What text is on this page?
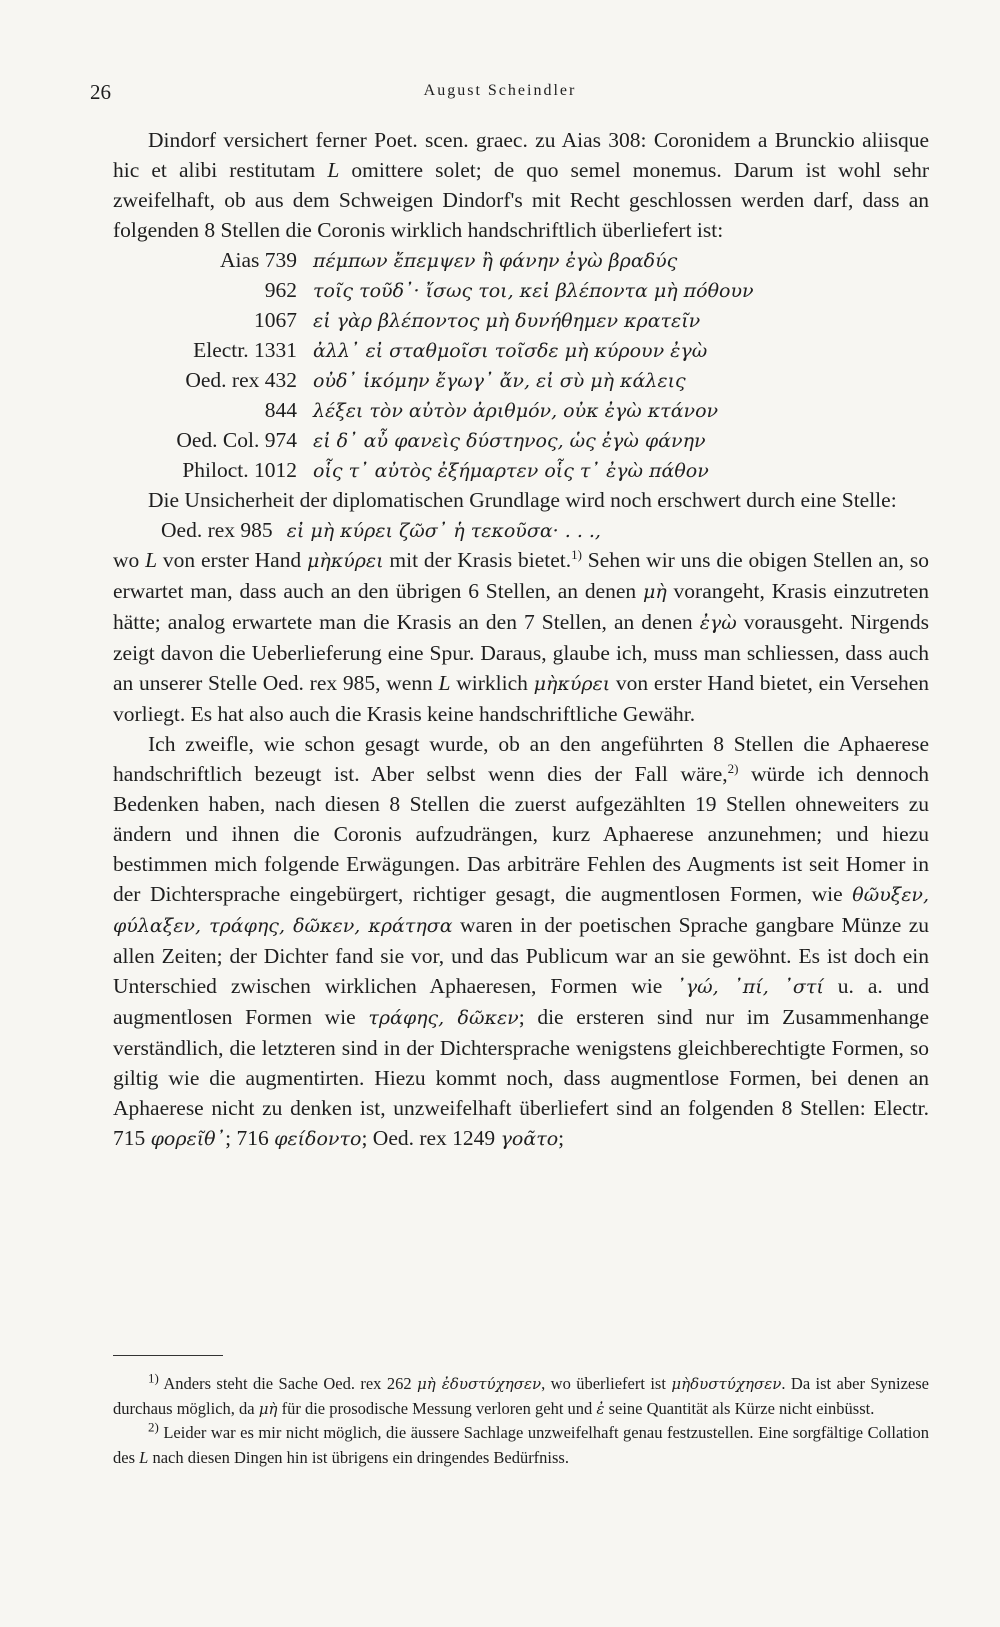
26	August Scheindler

Dindorf versichert ferner Poet. scen. graec. zu Aias 308: Coronidem a Brunckio aliisque hic et alibi restitutam L omittere solet; de quo semel monemus. Darum ist wohl sehr zweifelhaft, ob aus dem Schweigen Dindorf's mit Recht geschlossen werden darf, dass an folgenden 8 Stellen die Coronis wirklich handschriftlich überliefert ist:

Aias 739 πέμπων ἔπεμψεν ἢ φάνην ἐγὼ βραδύς
962 τοῖς τοῦδ᾽· ἴσως τοι, κεἰ βλέποντα μὴ πόθουν
1067 εἰ γὰρ βλέποντος μὴ δυνήθημεν κρατεῖν
Electr. 1331 ἀλλ᾽ εἰ σταθμοῖσι τοῖσδε μὴ κύρουν ἐγὼ
Oed. rex 432 οὐδ᾽ ἱκόμην ἔγωγ᾽ ἄν, εἰ σὺ μὴ κάλεις
844 λέξει τὸν αὐτὸν ἀριθμόν, οὐκ ἐγὼ κτάνον
Oed. Col. 974 εἰ δ᾽ αὖ φανεὶς δύστηνος, ὡς ἐγὼ φάνην
Philoct. 1012 οἷς τ᾽ αὐτὸς ἐξήμαρτεν οἷς τ᾽ ἐγὼ πάθον

Die Unsicherheit der diplomatischen Grundlage wird noch erschwert durch eine Stelle:

Oed. rex 985 εἰ μὴ κύρει ζῶσ᾽ ἡ τεκοῦσα· . . .,

wo L von erster Hand μὴκύρει mit der Krasis bietet.$^{1)}$ Sehen wir uns die obigen Stellen an, so erwartet man, dass auch an den übrigen 6 Stellen, an denen μὴ vorangeht, Krasis einzutreten hätte; analog erwartete man die Krasis an den 7 Stellen, an denen ἐγὼ vorausgeht. Nirgends zeigt davon die Ueberlieferung eine Spur. Daraus, glaube ich, muss man schliessen, dass auch an unserer Stelle Oed. rex 985, wenn L wirklich μὴκύρει von erster Hand bietet, ein Versehen vorliegt. Es hat also auch die Krasis keine handschriftliche Gewähr.

Ich zweifle, wie schon gesagt wurde, ob an den angeführten 8 Stellen die Aphaerese handschriftlich bezeugt ist. Aber selbst wenn dies der Fall wäre,$^{2)}$ würde ich dennoch Bedenken haben, nach diesen 8 Stellen die zuerst aufgezählten 19 Stellen ohneweiters zu ändern und ihnen die Coronis aufzudrängen, kurz Aphaerese anzunehmen; und hiezu bestimmen mich folgende Erwägungen. Das arbiträre Fehlen des Augments ist seit Homer in der Dichtersprache eingebürgert, richtiger gesagt, die augmentlosen Formen, wie θῶυξεν, φύλαξεν, τράφης, δῶκεν, κράτησα waren in der poetischen Sprache gangbare Münze zu allen Zeiten; der Dichter fand sie vor, und das Publicum war an sie gewöhnt. Es ist doch ein Unterschied zwischen wirklichen Aphaeresen, Formen wie ᾽γώ, ᾽πί, ᾽στί u. a. und augmentlosen Formen wie τράφης, δῶκεν; die ersteren sind nur im Zusammenhange verständlich, die letzteren sind in der Dichtersprache wenigstens gleichberechtigte Formen, so giltig wie die augmentirten. Hiezu kommt noch, dass augmentlose Formen, bei denen an Aphaerese nicht zu denken ist, unzweifelhaft überliefert sind an folgenden 8 Stellen: Electr. 715 φορεῖθ᾽; 716 φείδοντο; Oed. rex 1249 γοᾶτο;

$^{1)}$ Anders steht die Sache Oed. rex 262 μὴ ἐδυστύχησεν, wo überliefert ist μὴδυστύχησεν. Da ist aber Synizese durchaus möglich, da μὴ für die prosodische Messung verloren geht und ἐ seine Quantität als Kürze nicht einbüsst.

$^{2)}$ Leider war es mir nicht möglich, die äussere Sachlage unzweifelhaft genau festzustellen. Eine sorgfältige Collation des L nach diesen Dingen hin ist übrigens ein dringendes Bedürfniss.
